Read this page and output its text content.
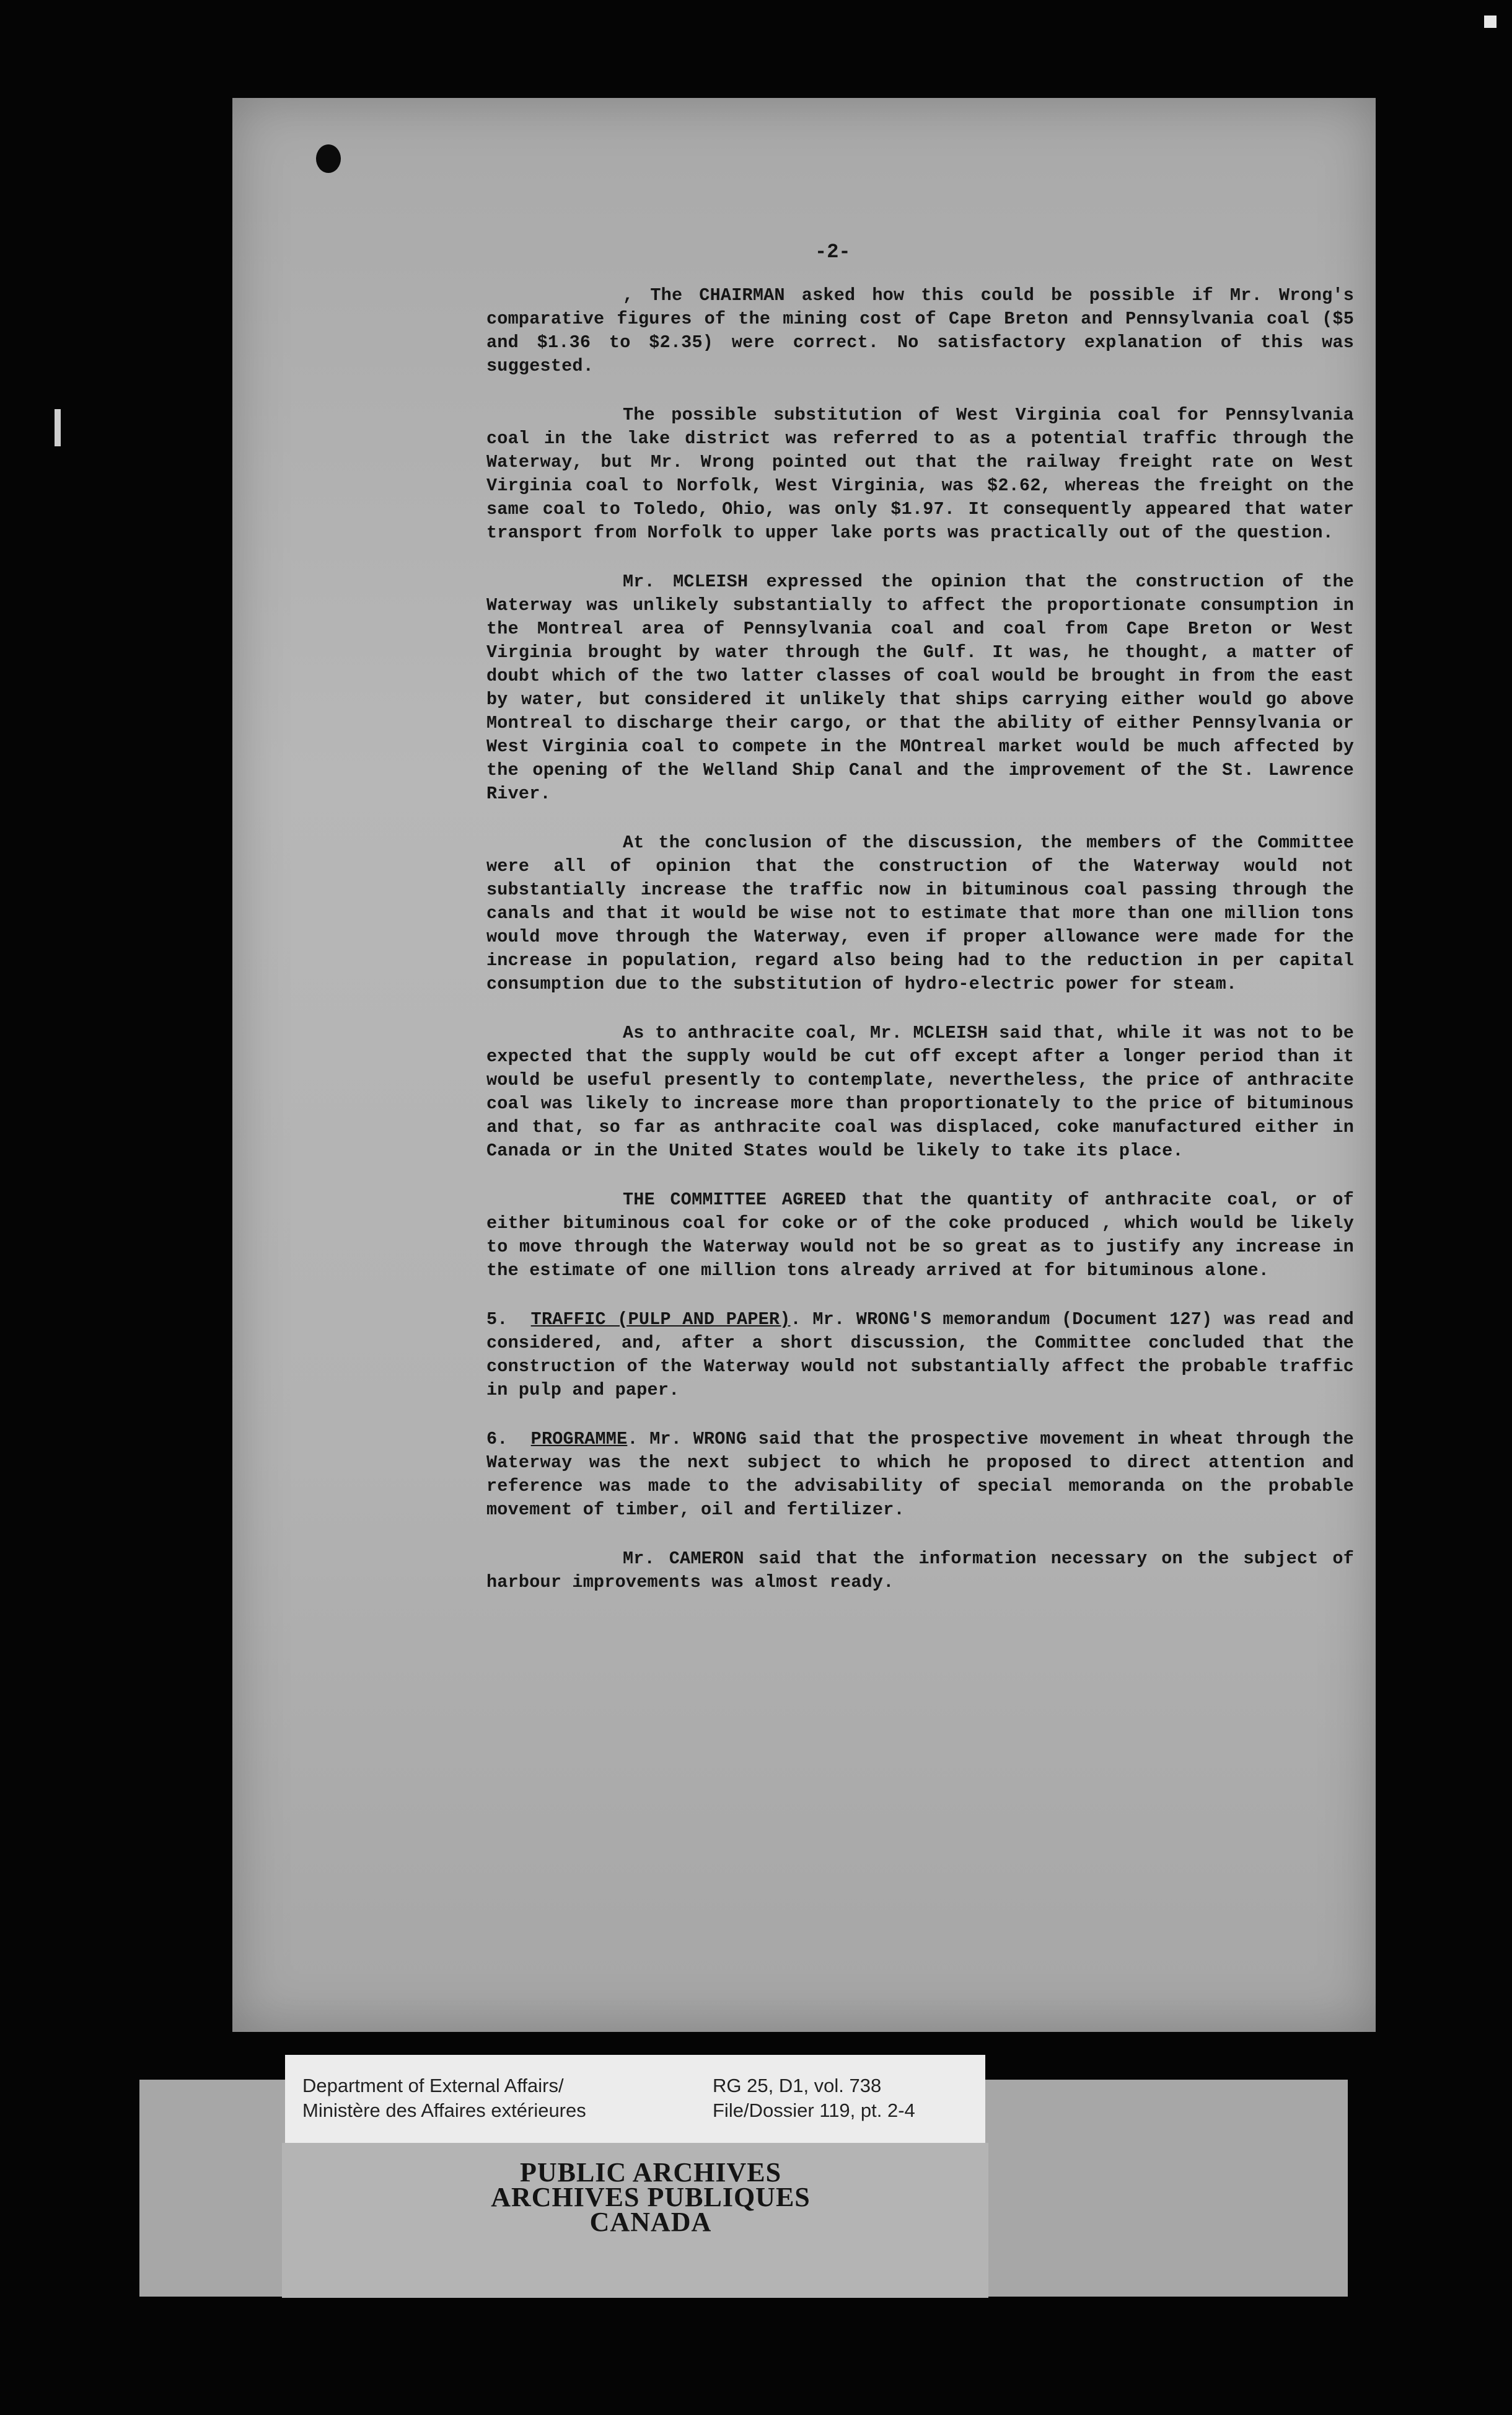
-2-

, The CHAIRMAN asked how this could be possible if Mr. Wrong's comparative figures of the mining cost of Cape Breton and Pennsylvania coal ($5 and $1.36 to $2.35) were correct. No satisfactory explanation of this was suggested.

The possible substitution of West Virginia coal for Pennsylvania coal in the lake district was referred to as a potential traffic through the Waterway, but Mr. Wrong pointed out that the railway freight rate on West Virginia coal to Norfolk, West Virginia, was $2.62, whereas the freight on the same coal to Toledo, Ohio, was only $1.97. It consequently appeared that water transport from Norfolk to upper lake ports was practically out of the question.

Mr. MCLEISH expressed the opinion that the construction of the Waterway was unlikely substantially to affect the proportionate consumption in the Montreal area of Pennsylvania coal and coal from Cape Breton or West Virginia brought by water through the Gulf. It was, he thought, a matter of doubt which of the two latter classes of coal would be brought in from the east by water, but considered it unlikely that ships carrying either would go above Montreal to discharge their cargo, or that the ability of either Pennsylvania or West Virginia coal to compete in the MOntreal market would be much affected by the opening of the Welland Ship Canal and the improvement of the St. Lawrence River.

At the conclusion of the discussion, the members of the Committee were all of opinion that the construction of the Waterway would not substantially increase the traffic now in bituminous coal passing through the canals and that it would be wise not to estimate that more than one million tons would move through the Waterway, even if proper allowance were made for the increase in population, regard also being had to the reduction in per capital consumption due to the substitution of hydro-electric power for steam.

As to anthracite coal, Mr. MCLEISH said that, while it was not to be expected that the supply would be cut off except after a longer period than it would be useful presently to contemplate, nevertheless, the price of anthracite coal was likely to increase more than proportionately to the price of bituminous and that, so far as anthracite coal was displaced, coke manufactured either in Canada or in the United States would be likely to take its place.

THE COMMITTEE AGREED that the quantity of anthracite coal, or of either bituminous coal for coke or of the coke produced , which would be likely to move through the Waterway would not be so great as to justify any increase in the estimate of one million tons already arrived at for bituminous alone.

5. TRAFFIC (PULP AND PAPER). Mr. WRONG'S memorandum (Document 127) was read and considered, and, after a short discussion, the Committee concluded that the construction of the Waterway would not substantially affect the probable traffic in pulp and paper.

6. PROGRAMME. Mr. WRONG said that the prospective movement in wheat through the Waterway was the next subject to which he proposed to direct attention and reference was made to the advisability of special memoranda on the probable movement of timber, oil and fertilizer.

Mr. CAMERON said that the information necessary on the subject of harbour improvements was almost ready.

Department of External Affairs/
Ministère des Affaires extérieures
RG 25, D1, vol. 738
File/Dossier 119, pt. 2-4
PUBLIC ARCHIVES
ARCHIVES PUBLIQUES
CANADA
